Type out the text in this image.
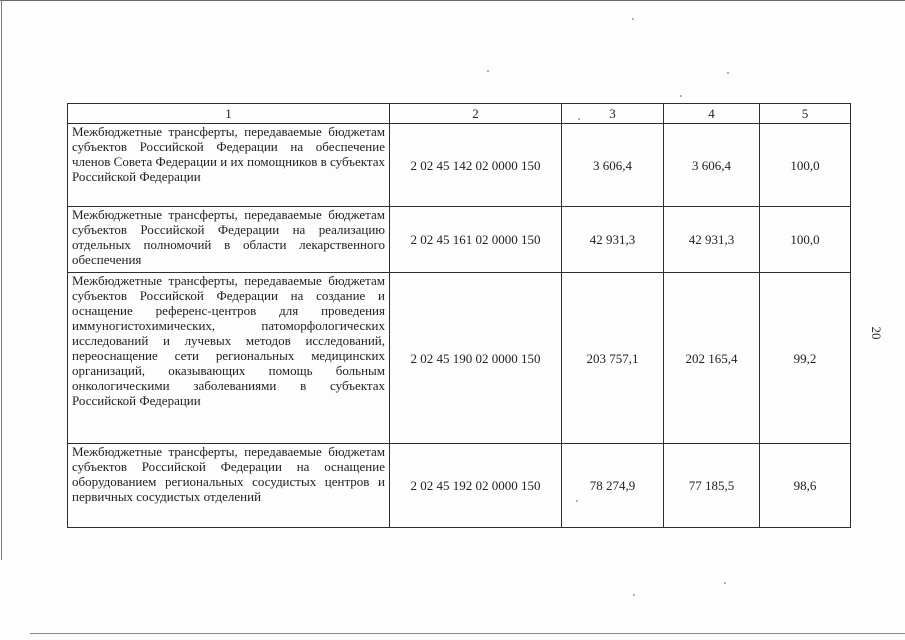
20
1	2	3	4	5
Межбюджетные трансферты, передаваемые бюджетам субъектов Российской Федерации на обеспечение членов Совета Федерации и их помощников в субъектах Российской Федерации	2 02 45 142 02 0000 150	3 606,4	3 606,4	100,0
Межбюджетные трансферты, передаваемые бюджетам субъектов Российской Федерации на реализацию отдельных полномочий в области лекарственного обеспечения	2 02 45 161 02 0000 150	42 931,3	42 931,3	100,0
Межбюджетные трансферты, передаваемые бюджетам субъектов Российской Федерации на создание и оснащение референс-центров для проведения иммуногистохимических, патоморфологических исследований и лучевых методов исследований, переоснащение сети региональных медицинских организаций, оказывающих помощь больным онкологическими заболеваниями в субъектах Российской Федерации	2 02 45 190 02 0000 150	203 757,1	202 165,4	99,2
Межбюджетные трансферты, передаваемые бюджетам субъектов Российской Федерации на оснащение оборудованием региональных сосудистых центров и первичных сосудистых отделений	2 02 45 192 02 0000 150	78 274,9	77 185,5	98,6
